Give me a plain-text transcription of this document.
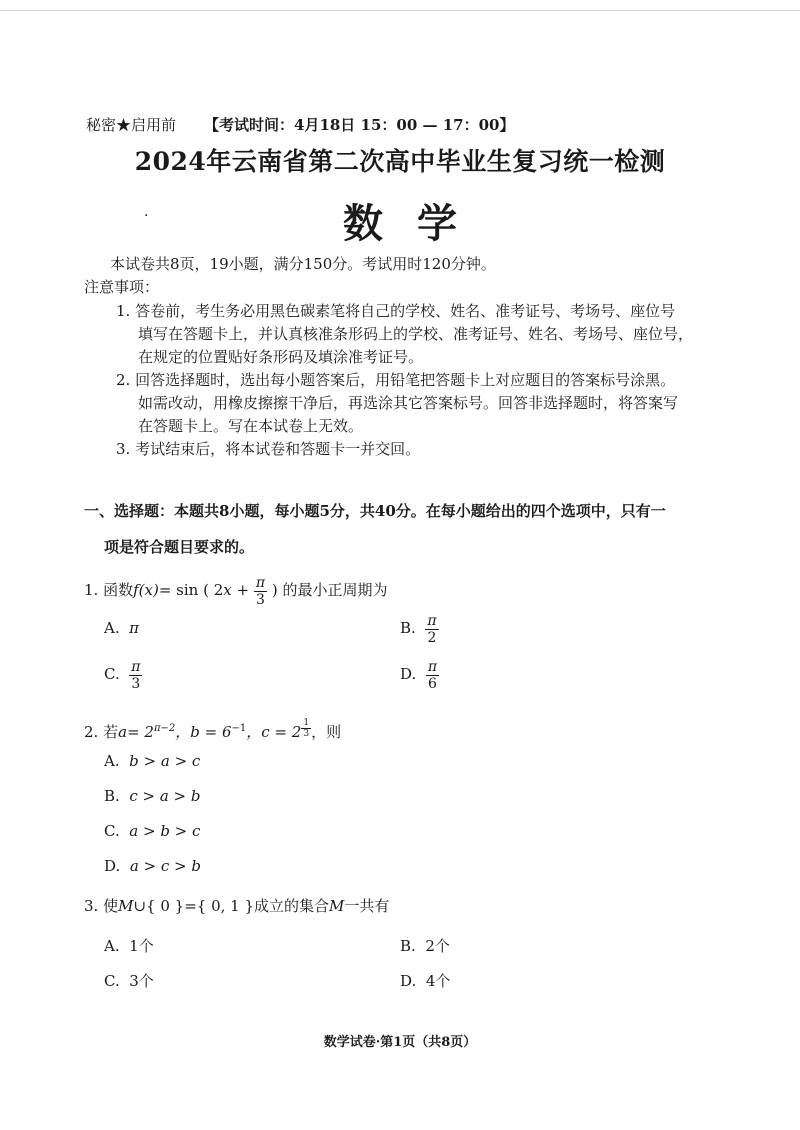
秘密★启用前 【考试时间：4月18日 15：00 — 17：00】
2024年云南省第二次高中毕业生复习统一检测
·	数学
本试卷共8页，19小题，满分150分。考试用时120分钟。
注意事项：
1. 答卷前，考生务必用黑色碳素笔将自己的学校、姓名、准考证号、考场号、座位号
填写在答题卡上，并认真核准条形码上的学校、准考证号、姓名、考场号、座位号，
在规定的位置贴好条形码及填涂准考证号。
2. 回答选择题时，选出每小题答案后，用铅笔把答题卡上对应题目的答案标号涂黑。
如需改动，用橡皮擦擦干净后，再选涂其它答案标号。回答非选择题时，将答案写
在答题卡上。写在本试卷上无效。
3. 考试结束后，将本试卷和答题卡一并交回。
一、选择题：本题共8小题，每小题5分，共40分。在每小题给出的四个选项中，只有一
项是符合题目要求的。
1. 函数f(x)= sin ( $2x + \frac{\pi}{3}$ ) 的最小正周期为
A. π	B. $\frac{\pi}{2}$
C. $\frac{\pi}{3}$	D. $\frac{\pi}{6}$
2. 若$a= 2^{\pi-2}$，$b = 6^{-1}$，c = 2 $^{\frac{1}{3}}$ ，则
A. b > a > c
B. c > a > b
C. a > b > c
D. a > c > b
3. 使M∪{ 0 }={ 0, 1 }成立的集合M一共有
A. 1个	B. 2个
C. 3个	D. 4个
数学试卷·第1页（共8页）
